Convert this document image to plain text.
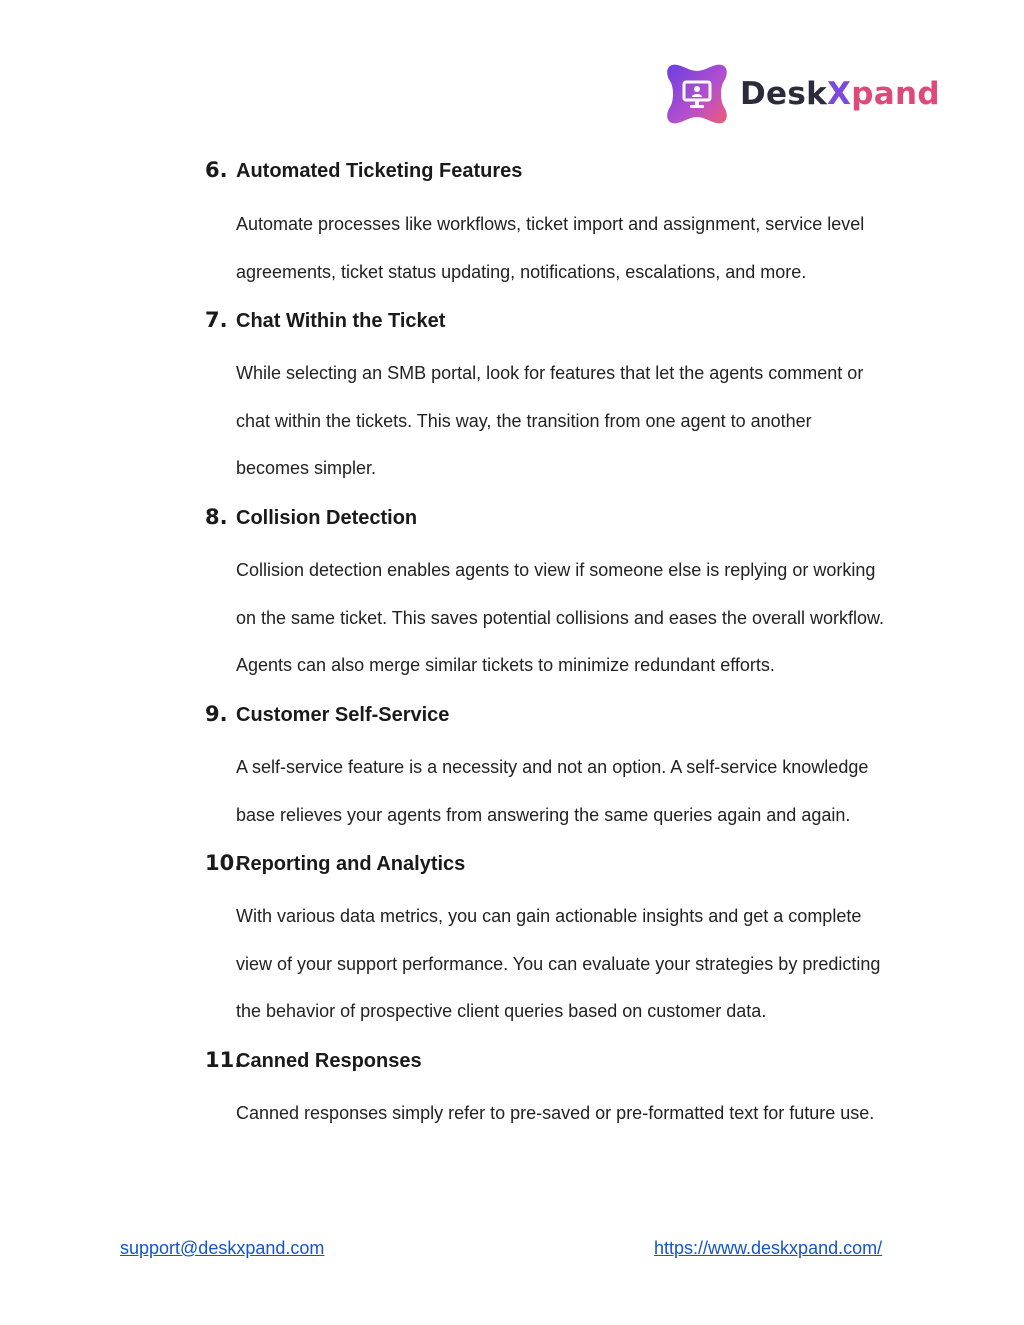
DeskXpand
6. Automated Ticketing Features
Automate processes like workflows, ticket import and assignment, service level
agreements, ticket status updating, notifications, escalations, and more.
7. Chat Within the Ticket
While selecting an SMB portal, look for features that let the agents comment or
chat within the tickets. This way, the transition from one agent to another
becomes simpler.
8. Collision Detection
Collision detection enables agents to view if someone else is replying or working
on the same ticket. This saves potential collisions and eases the overall workflow.
Agents can also merge similar tickets to minimize redundant efforts.
9. Customer Self-Service
A self-service feature is a necessity and not an option. A self-service knowledge
base relieves your agents from answering the same queries again and again.
10.
Reporting and Analytics
With various data metrics, you can gain actionable insights and get a complete
view of your support performance. You can evaluate your strategies by predicting
the behavior of prospective client queries based on customer data.
11.
Canned Responses
Canned responses simply refer to pre-saved or pre-formatted text for future use.
support@deskxpand.com	https://www.deskxpand.com/
